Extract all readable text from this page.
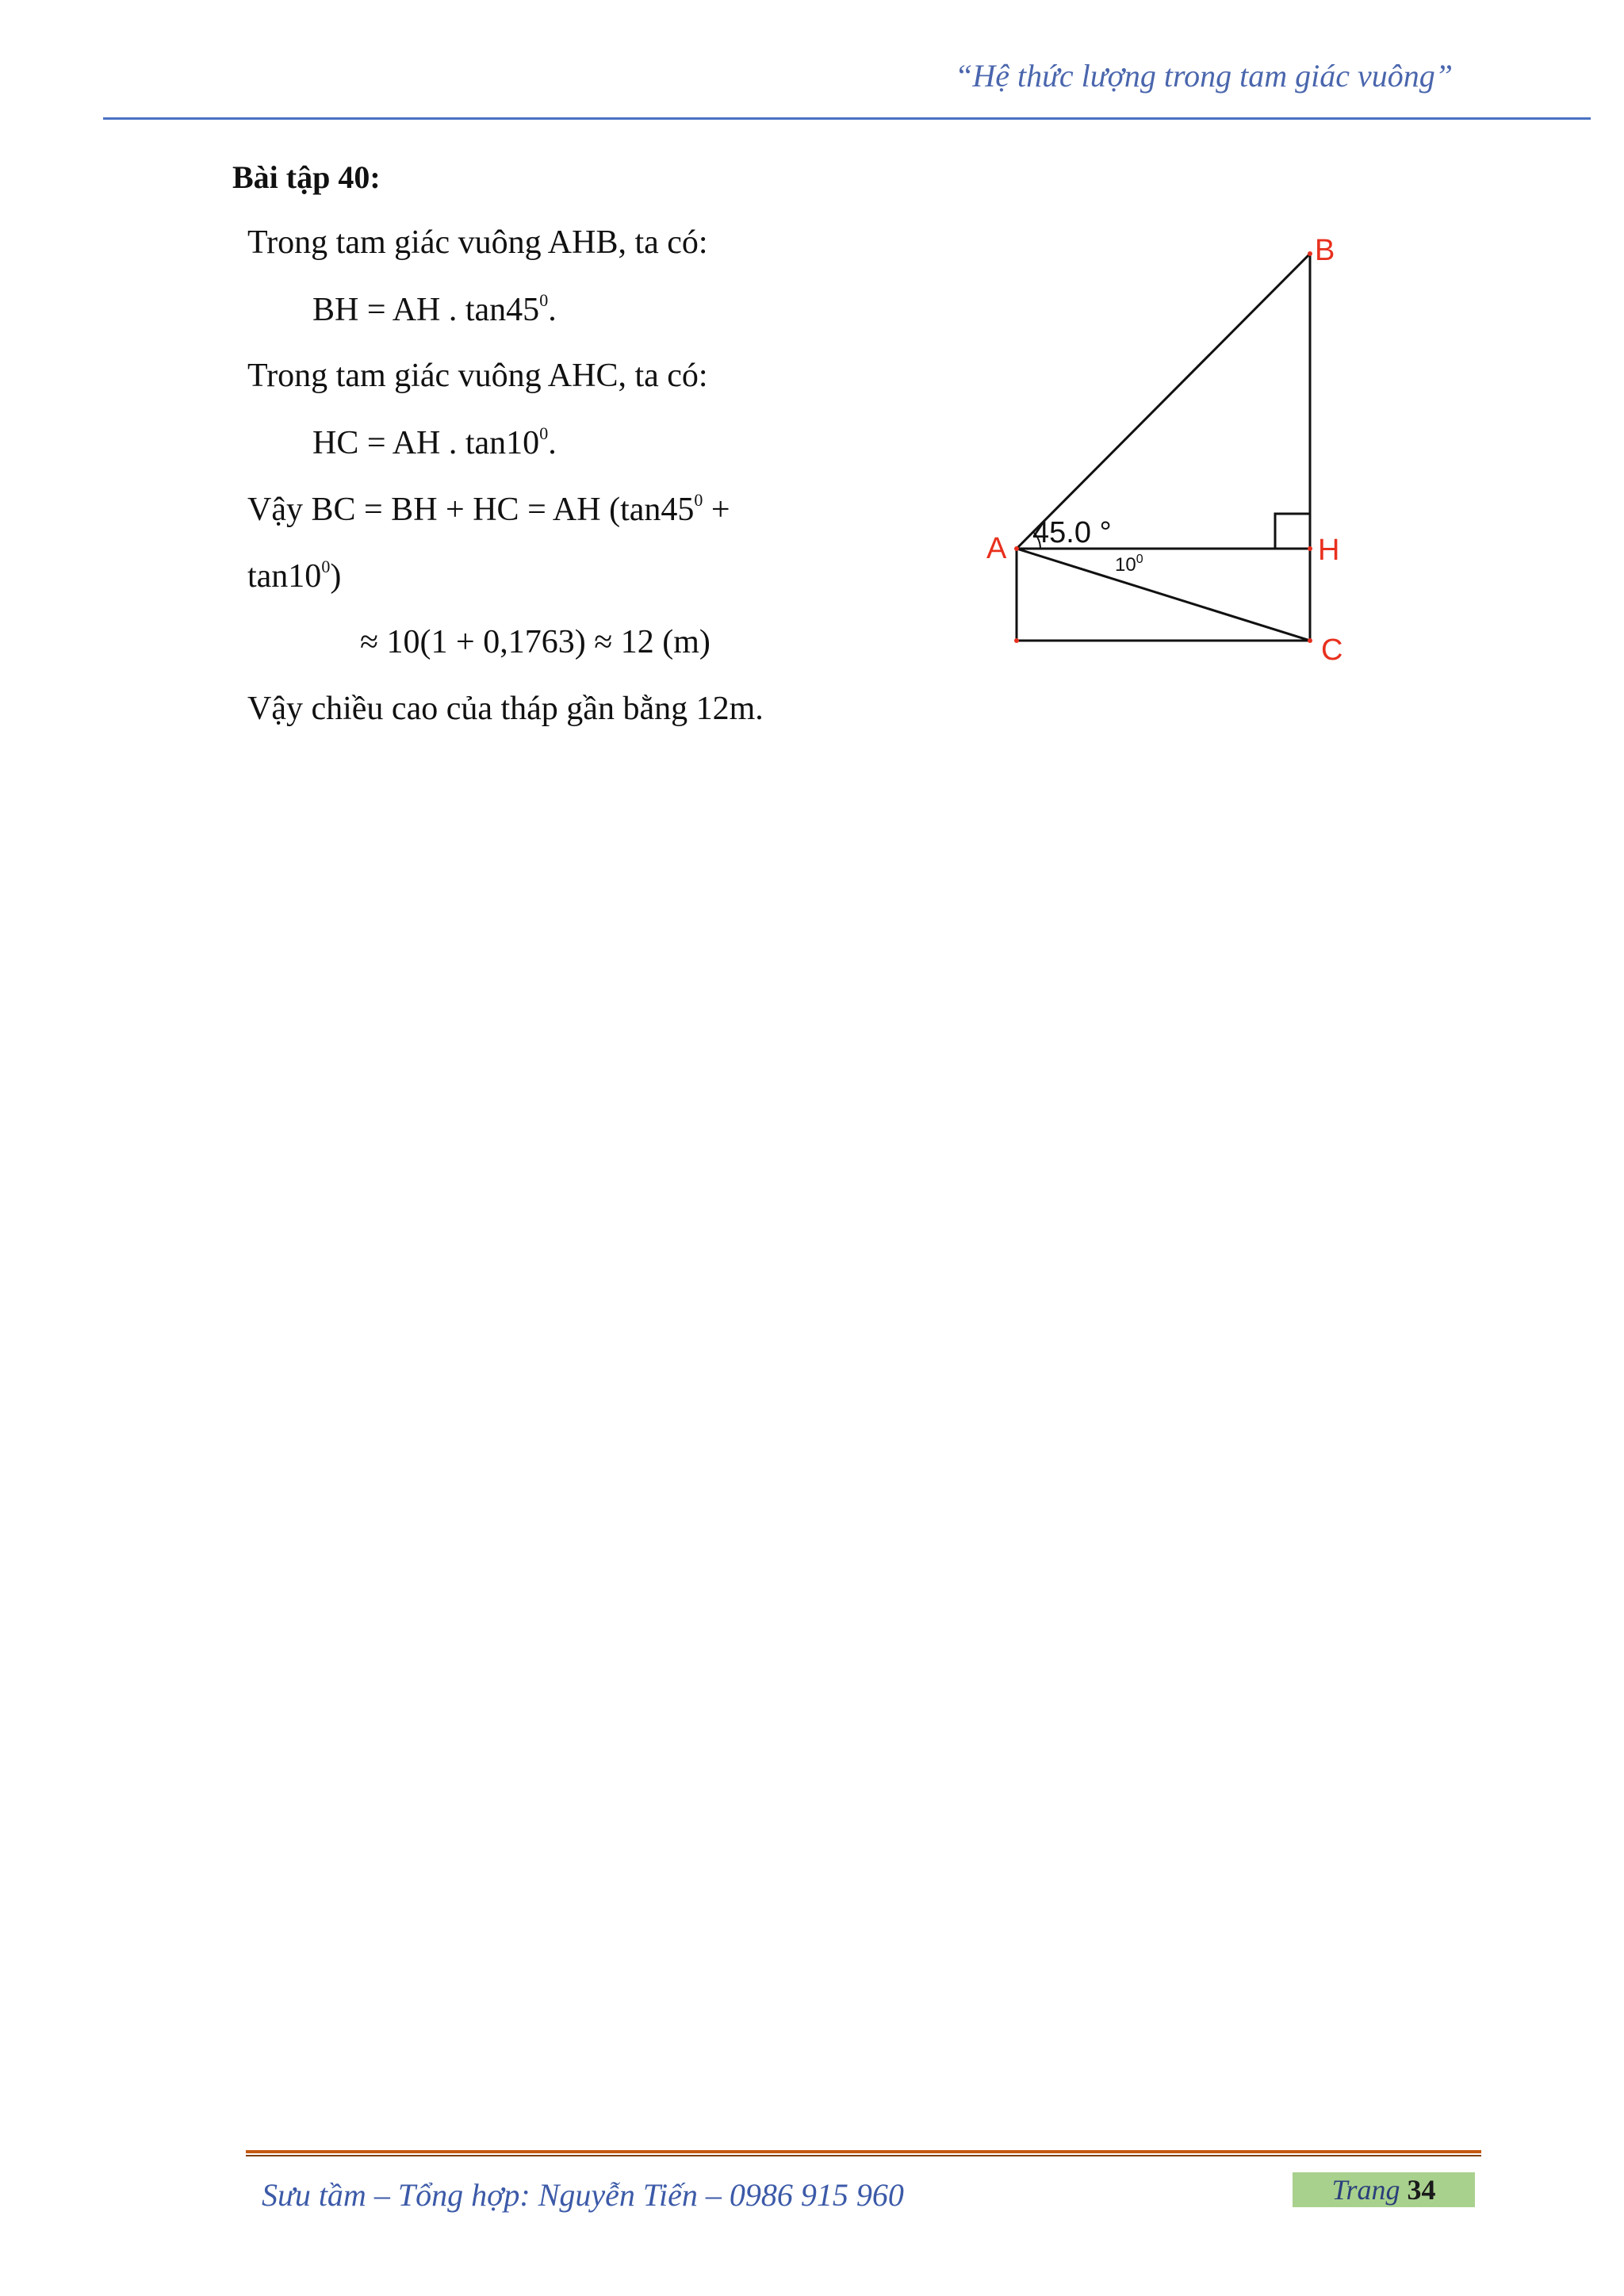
“Hệ thức lượng trong tam giác vuông”
Bài tập 40:
Trong tam giác vuông AHB, ta có:
BH = AH . $\tan 45^0$.
Trong tam giác vuông AHC, ta có:
HC = AH . $\tan 10^0$.
Vậy BC = BH + HC = AH ($\tan 45^0$ +
$\tan 10^0$)
≈ 10(1 + 0,1763) ≈ 12 (m)
Vậy chiều cao của tháp gần bằng 12m.
A
B
H
C
45.0 °
$10^0$
Sưu tầm – Tổng hợp: Nguyễn Tiến – 0986 915 960	Trang 34
